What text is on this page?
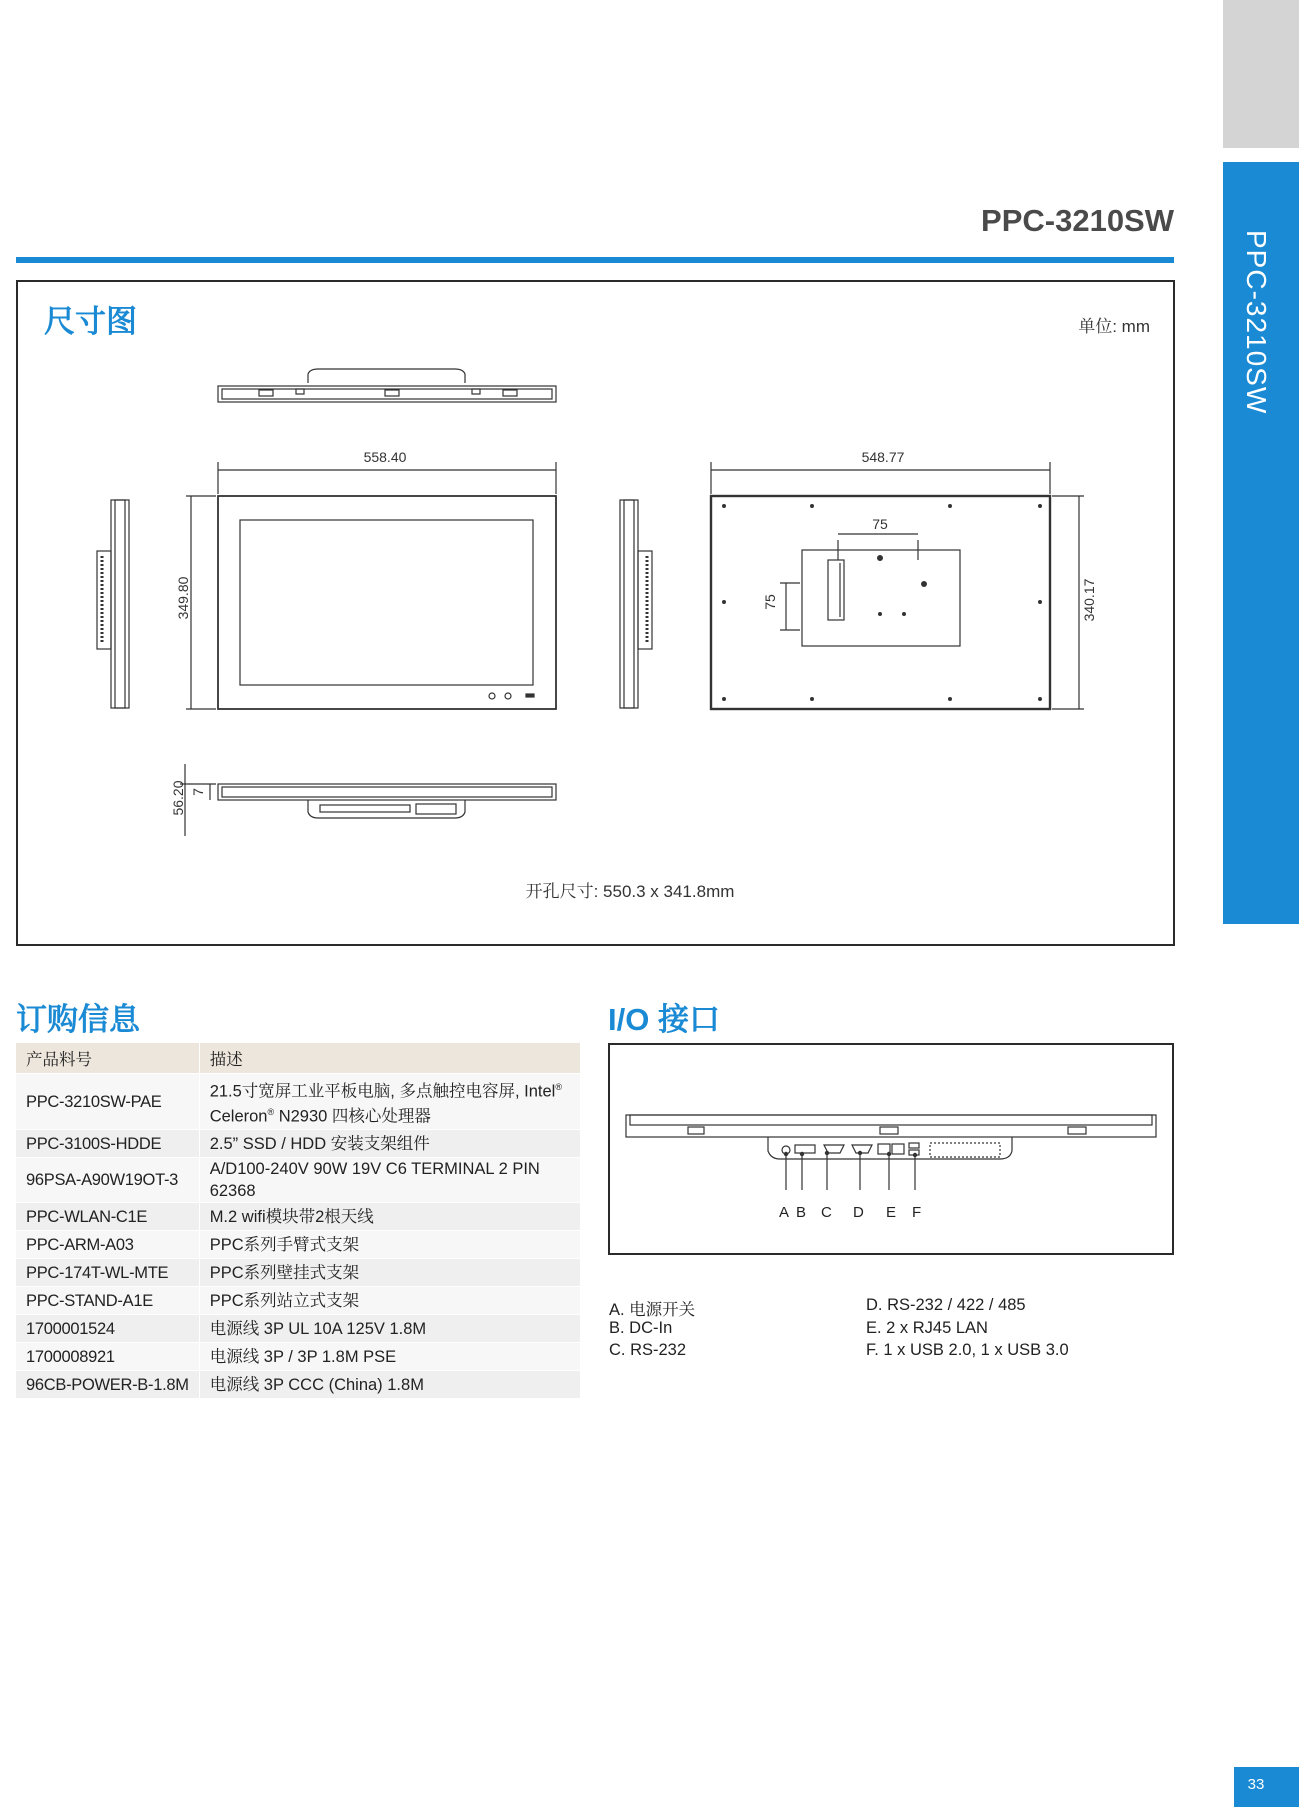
PPC-3210SW
33
PPC-3210SW
尺寸图	单位: mm
558.40
349.80
548.77
340.17
75
75
56.20 7
开孔尺寸: 550.3 x 341.8mm
订购信息
产品料号	描述
PPC-3210SW-PAE	21.5寸宽屏工业平板电脑, 多点触控电容屏, Intel®
Celeron® N2930 四核心处理器
PPC-3100S-HDDE	2.5” SSD / HDD 安装支架组件
96PSA-A90W19OT-3	A/D100-240V 90W 19V C6 TERMINAL 2 PIN 62368
PPC-WLAN-C1E	M.2 wifi模块带2根天线
PPC-ARM-A03	PPC系列手臂式支架
PPC-174T-WL-MTE	PPC系列壁挂式支架
PPC-STAND-A1E	PPC系列站立式支架
1700001524	电源线 3P UL 10A 125V 1.8M
1700008921	电源线 3P / 3P 1.8M PSE
96CB-POWER-B-1.8M	电源线 3P CCC (China) 1.8M
I/O 接口
A B C D E F
A. 电源开关
B. DC-In
C. RS-232
D. RS-232 / 422 / 485
E. 2 x RJ45 LAN
F. 1 x USB 2.0, 1 x USB 3.0
